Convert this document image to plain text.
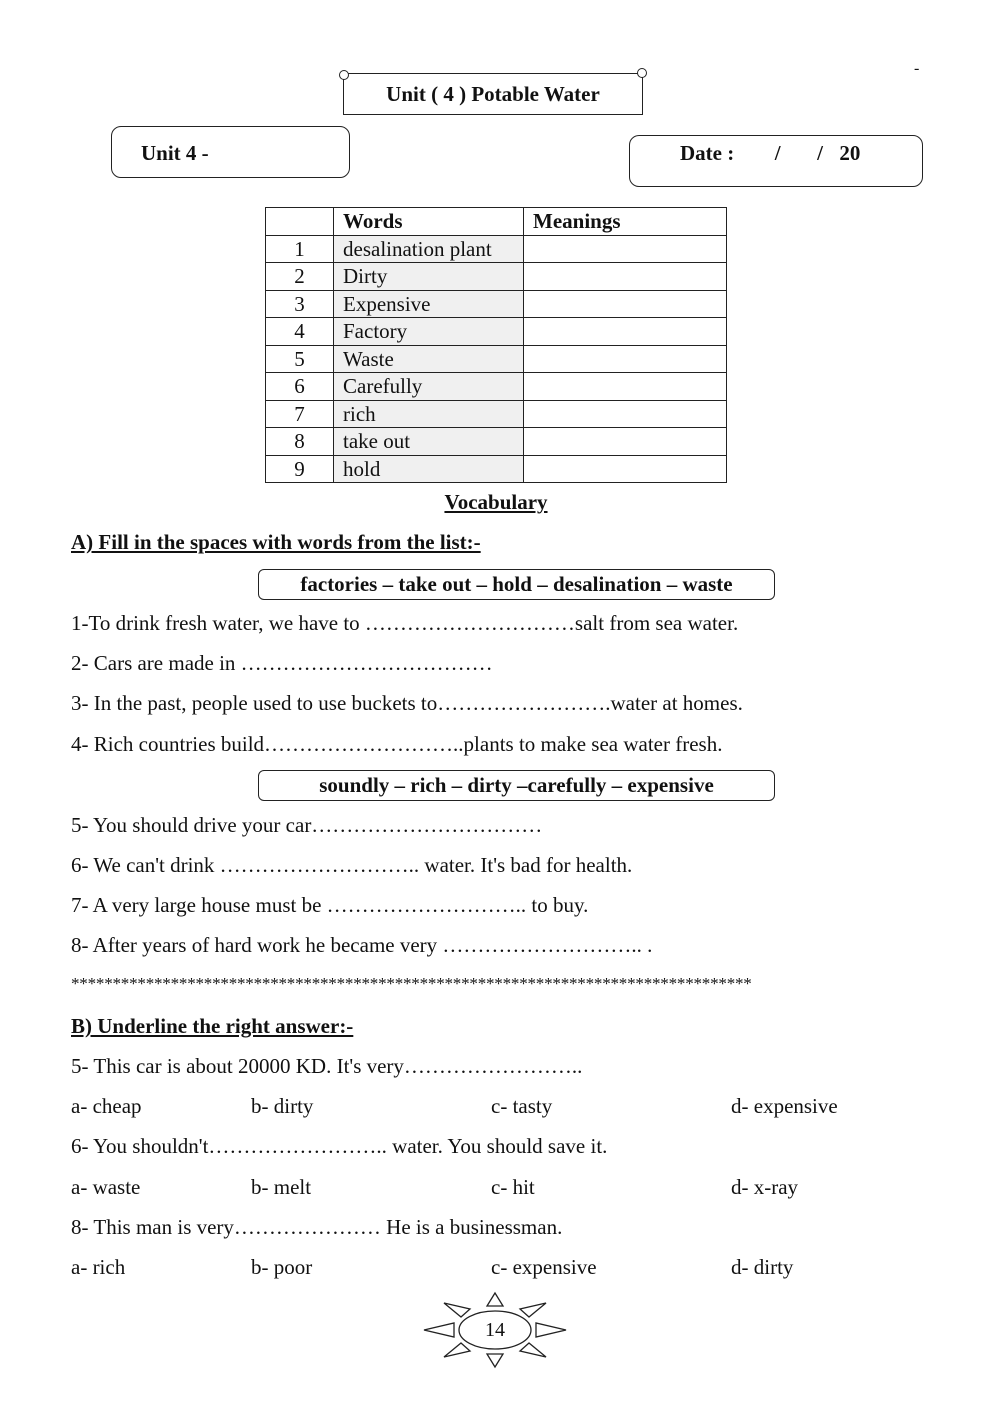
-
Unit ( 4 ) Potable Water
Unit 4 -	Date : / / 20
	Words	Meanings
1	desalination plant	
2	Dirty	
3	Expensive	
4	Factory	
5	Waste	
6	Carefully	
7	rich	
8	take out	
9	hold	
Vocabulary
A) Fill in the spaces with words from the list:-
factories – take out – hold – desalination – waste
1-To drink fresh water, we have to …………………………salt from sea water.
2- Cars are made in ………………………………
3- In the past, people used to use buckets to…………………….water at homes.
4- Rich countries build………………………..plants to make sea water fresh.
soundly – rich – dirty –carefully – expensive
5- You should drive your car……………………………
6- We can't drink ……………………….. water. It's bad for health.
7- A very large house must be ……………………….. to buy.
8- After years of hard work he became very ……………………….. .
**********************************************************************************
B) Underline the right answer:-
5- This car is about 20000 KD. It's very……………………..
a- cheap	b- dirty	c- tasty	d- expensive
6- You shouldn't…………………….. water. You should save it.
a- waste	b- melt	c- hit	d- x-ray
8- This man is very………………… He is a businessman.
a- rich	b- poor	c- expensive	d- dirty
14
